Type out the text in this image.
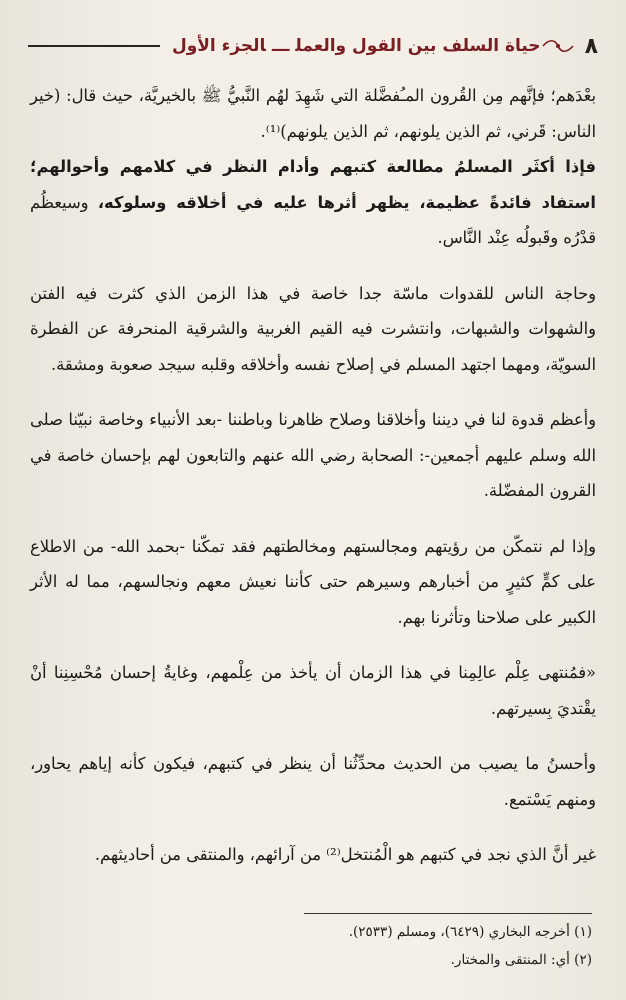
٨
حياة السلف بين القول والعملـــالجزء الأول

بعْدَهم؛ فإنَّهم مِن القُرون المـُفضَّلة التي شَهِدَ لهُم النَّبيُّ ﷺ بالخيريَّة، حيث قال: (خير الناس: قَرني، ثم الذين يلونهم، ثم الذين يلونهم)⁽¹⁾.

فإذا أكثَر المسلمُ مطالعة كتبهم وأدام النظر في كلامهم وأحوالهم؛ استفاد فائدةً عظيمة، يظهر أثرها عليه في أخلاقه وسلوكه، وسيعظُم قدْرُه وقَبولُه عِنْد النَّاس.

وحاجة الناس للقدوات ماسّة جدا خاصة في هذا الزمن الذي كثرت فيه الفتن والشهوات والشبهات، وانتشرت فيه القيم الغربية والشرقية المنحرفة عن الفطرة السويّة، ومهما اجتهد المسلم في إصلاح نفسه وأخلاقه وقلبه سيجد صعوبة ومشقة.

وأعظم قدوة لنا في ديننا وأخلاقنا وصلاح ظاهرنا وباطننا -بعد الأنبياء وخاصة نبيّنا صلى الله وسلم عليهم أجمعين-: الصحابة رضي الله عنهم والتابعون لهم بإحسان خاصة في القرون المفضّلة.

وإذا لم نتمكّن من رؤيتهم ومجالستهم ومخالطتهم فقد تمكّنا -بحمد الله- من الاطلاع على كمٍّ كثيرٍ من أخبارهم وسيرهم حتى كأننا نعيش معهم ونجالسهم، مما له الأثر الكبير على صلاحنا وتأثرنا بهم.

«فمُنتهى عِلْم عالِمِنا في هذا الزمان أن يأخذ من عِلْمهم، وغايةُ إحسان مُحْسِنِنا أنْ يقْتديَ بِسيرتهم.

وأحسنُ ما يصيب من الحديث محدِّثُنا أن ينظر في كتبهم، فيكون كأنه إياهم يحاور، ومنهم يَسْتمع.

غير أنَّ الذي نجد في كتبهم هو الْمُنتخل⁽²⁾ من آرائهم، والمنتقى من أحاديثهم.

(١) أخرجه البخاري (٦٤٢٩)، ومسلم (٢٥٣٣).
(٢) أي: المنتقى والمختار.
